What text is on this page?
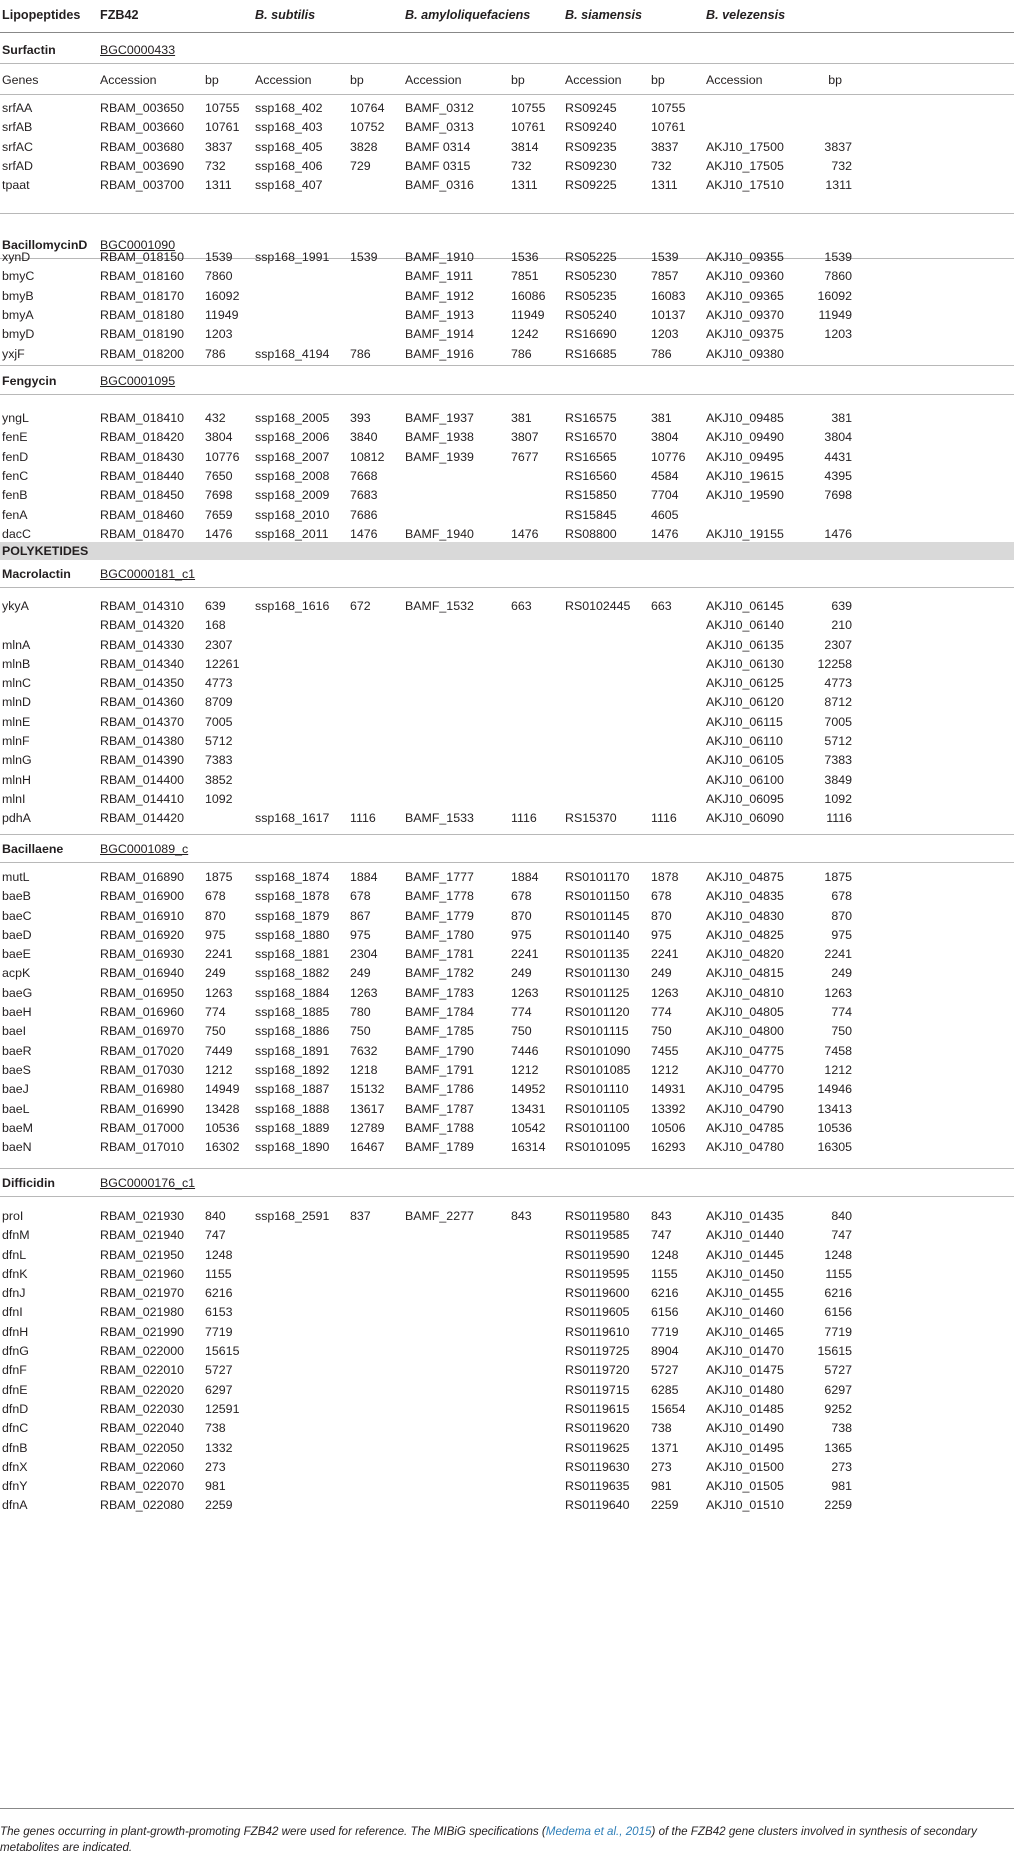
Lipopeptides FZB42	B. subtilis	B. amyloliquefaciens	B. siamensis	B. velezensis
Surfactin	BGC0000433
Genes	Accession	bp	Accession	bp	Accession	bp	Accession bp	Accession	bp
srfAA	RBAM_003650 10755 ssp168_402 10764 BAMF_0312	10755 RS09245	10755
srfAB	RBAM_003660 10761 ssp168_403 10752 BAMF_0313	10761 RS09240	10761
srfAC	RBAM_003680 3837 ssp168_405 3828 BAMF 0314	3814 RS09235	3837 AKJ10_17500	3837
srfAD	RBAM_003690 732 ssp168_406 729	BAMF 0315	732	RS09230	732	AKJ10_17505	732
tpaat	RBAM_003700 1311 ssp168_407	BAMF_0316	1311 RS09225	1311 AKJ10_17510	1311
BacillomycinD BGC0001090
xynD	RBAM_018150 1539 ssp168_1991 1539 BAMF_1910	1536 RS05225	1539 AKJ10_09355	1539
bmyC	RBAM_018160 7860	BAMF_1911	7851 RS05230	7857 AKJ10_09360	7860
bmyB	RBAM_018170 16092	BAMF_1912	16086 RS05235	16083 AKJ10_09365	16092
bmyA	RBAM_018180 11949	BAMF_1913	11949 RS05240	10137 AKJ10_09370	11949
bmyD	RBAM_018190 1203	BAMF_1914	1242 RS16690	1203 AKJ10_09375	1203
yxjF	RBAM_018200 786 ssp168_4194 786	BAMF_1916	786	RS16685	786	AKJ10_09380
Fengycin	BGC0001095
yngL	RBAM_018410 432 ssp168_2005 393	BAMF_1937	381	RS16575	381	AKJ10_09485	381
fenE	RBAM_018420 3804 ssp168_2006 3840 BAMF_1938	3807 RS16570	3804 AKJ10_09490	3804
fenD	RBAM_018430 10776 ssp168_2007 10812 BAMF_1939	7677 RS16565	10776 AKJ10_09495	4431
fenC	RBAM_018440 7650 ssp168_2008 7668	RS16560	4584 AKJ10_19615	4395
fenB	RBAM_018450 7698 ssp168_2009 7683	RS15850	7704 AKJ10_19590	7698
fenA	RBAM_018460 7659 ssp168_2010 7686	RS15845	4605
dacC	RBAM_018470 1476 ssp168_2011 1476 BAMF_1940	1476 RS08800	1476 AKJ10_19155	1476
Macrolactin BGC0000181_c1
ykyA	RBAM_014310 639 ssp168_1616 672	BAMF_1532	663	RS0102445 663	AKJ10_06145	639
RBAM_014320 168	AKJ10_06140	210
mlnA	RBAM_014330 2307	AKJ10_06135	2307
mlnB	RBAM_014340 12261	AKJ10_06130	12258
mlnC	RBAM_014350 4773	AKJ10_06125	4773
mlnD	RBAM_014360 8709	AKJ10_06120	8712
mlnE	RBAM_014370 7005	AKJ10_06115	7005
mlnF	RBAM_014380 5712	AKJ10_06110	5712
mlnG	RBAM_014390 7383	AKJ10_06105	7383
mlnH	RBAM_014400 3852	AKJ10_06100	3849
mlnI	RBAM_014410 1092	AKJ10_06095	1092
pdhA	RBAM_014420	ssp168_1617 1116 BAMF_1533	1116 RS15370	1116 AKJ10_06090	1116
Bacillaene	BGC0001089_c
mutL	RBAM_016890 1875 ssp168_1874 1884 BAMF_1777	1884 RS0101170 1878 AKJ10_04875	1875
baeB	RBAM_016900 678 ssp168_1878 678	BAMF_1778	678	RS0101150 678	AKJ10_04835	678
baeC	RBAM_016910 870 ssp168_1879 867	BAMF_1779	870	RS0101145 870	AKJ10_04830	870
baeD	RBAM_016920 975 ssp168_1880 975	BAMF_1780	975	RS0101140 975	AKJ10_04825	975
baeE	RBAM_016930 2241 ssp168_1881 2304 BAMF_1781	2241 RS0101135 2241 AKJ10_04820	2241
acpK	RBAM_016940 249 ssp168_1882 249	BAMF_1782	249	RS0101130 249	AKJ10_04815	249
baeG	RBAM_016950 1263 ssp168_1884 1263 BAMF_1783	1263 RS0101125 1263 AKJ10_04810	1263
baeH	RBAM_016960 774 ssp168_1885 780	BAMF_1784	774	RS0101120 774	AKJ10_04805	774
baeI	RBAM_016970 750 ssp168_1886 750	BAMF_1785	750	RS0101115 750	AKJ10_04800	750
baeR	RBAM_017020 7449 ssp168_1891 7632 BAMF_1790	7446 RS0101090 7455 AKJ10_04775	7458
baeS	RBAM_017030 1212 ssp168_1892 1218 BAMF_1791	1212 RS0101085 1212 AKJ10_04770	1212
baeJ	RBAM_016980 14949 ssp168_1887 15132 BAMF_1786	14952 RS0101110 14931 AKJ10_04795	14946
baeL	RBAM_016990 13428 ssp168_1888 13617 BAMF_1787	13431 RS0101105 13392 AKJ10_04790	13413
baeM	RBAM_017000 10536 ssp168_1889 12789 BAMF_1788	10542 RS0101100 10506 AKJ10_04785	10536
baeN	RBAM_017010 16302 ssp168_1890 16467 BAMF_1789	16314 RS0101095 16293 AKJ10_04780	16305
Difficidin	BGC0000176_c1
proI	RBAM_021930 840 ssp168_2591 837	BAMF_2277	843	RS0119580 843	AKJ10_01435	840
dfnM	RBAM_021940 747	RS0119585 747	AKJ10_01440	747
dfnL	RBAM_021950 1248	RS0119590 1248 AKJ10_01445	1248
dfnK	RBAM_021960 1155	RS0119595 1155 AKJ10_01450	1155
dfnJ	RBAM_021970 6216	RS0119600 6216 AKJ10_01455	6216
dfnI	RBAM_021980 6153	RS0119605 6156 AKJ10_01460	6156
dfnH	RBAM_021990 7719	RS0119610 7719 AKJ10_01465	7719
dfnG	RBAM_022000 15615	RS0119725 8904 AKJ10_01470	15615
dfnF	RBAM_022010 5727	RS0119720 5727 AKJ10_01475	5727
dfnE	RBAM_022020 6297	RS0119715 6285 AKJ10_01480	6297
dfnD	RBAM_022030 12591	RS0119615 15654 AKJ10_01485	9252
dfnC	RBAM_022040 738	RS0119620 738	AKJ10_01490	738
dfnB	RBAM_022050 1332	RS0119625 1371 AKJ10_01495	1365
dfnX	RBAM_022060 273	RS0119630 273	AKJ10_01500	273
dfnY	RBAM_022070 981	RS0119635 981	AKJ10_01505	981
dfnA	RBAM_022080 2259	RS0119640 2259 AKJ10_01510	2259
POLYKETIDES
The genes occurring in plant-growth-promoting FZB42 were used for reference. The MIBiG specifications (Medema et al., 2015) of the FZB42 gene clusters involved in synthesis of secondary metabolites are indicated.
